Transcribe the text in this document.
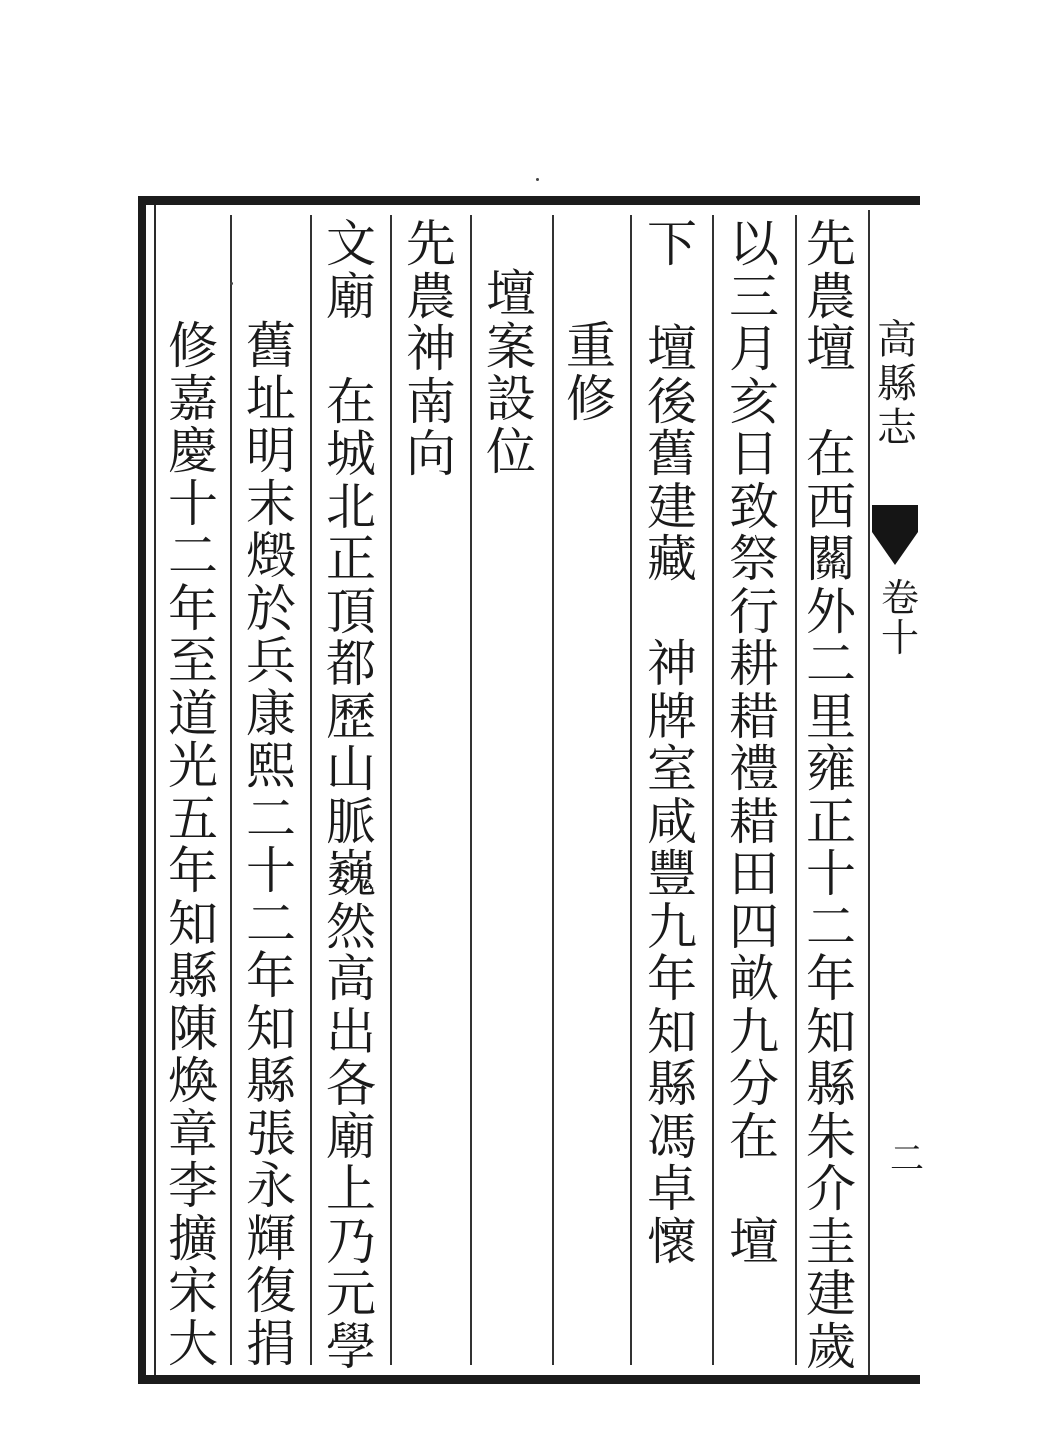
高
縣
志
卷
十
二
先
農
壇

在
西
關
外
二
里
雍
正
十
二
年
知
縣
朱
介
圭
建
歲
以
三
月
亥
日
致
祭
行
耕
耤
禮
耤
田
四
畝
九
分
在

壇
下

壇
後
舊
建
藏

神
牌
室
咸
豐
九
年
知
縣
馮
卓
懷
重
修
壇
案
設
位
先
農
神
南
向
文
廟

在
城
北
正
頂
都
歷
山
脈
巍
然
高
出
各
廟
上
乃
元
學
舊
址
明
末
燬
於
兵
康
熙
二
十
二
年
知
縣
張
永
輝
復
捐
修
嘉
慶
十
二
年
至
道
光
五
年
知
縣
陳
煥
章
李
擴
宋
大
